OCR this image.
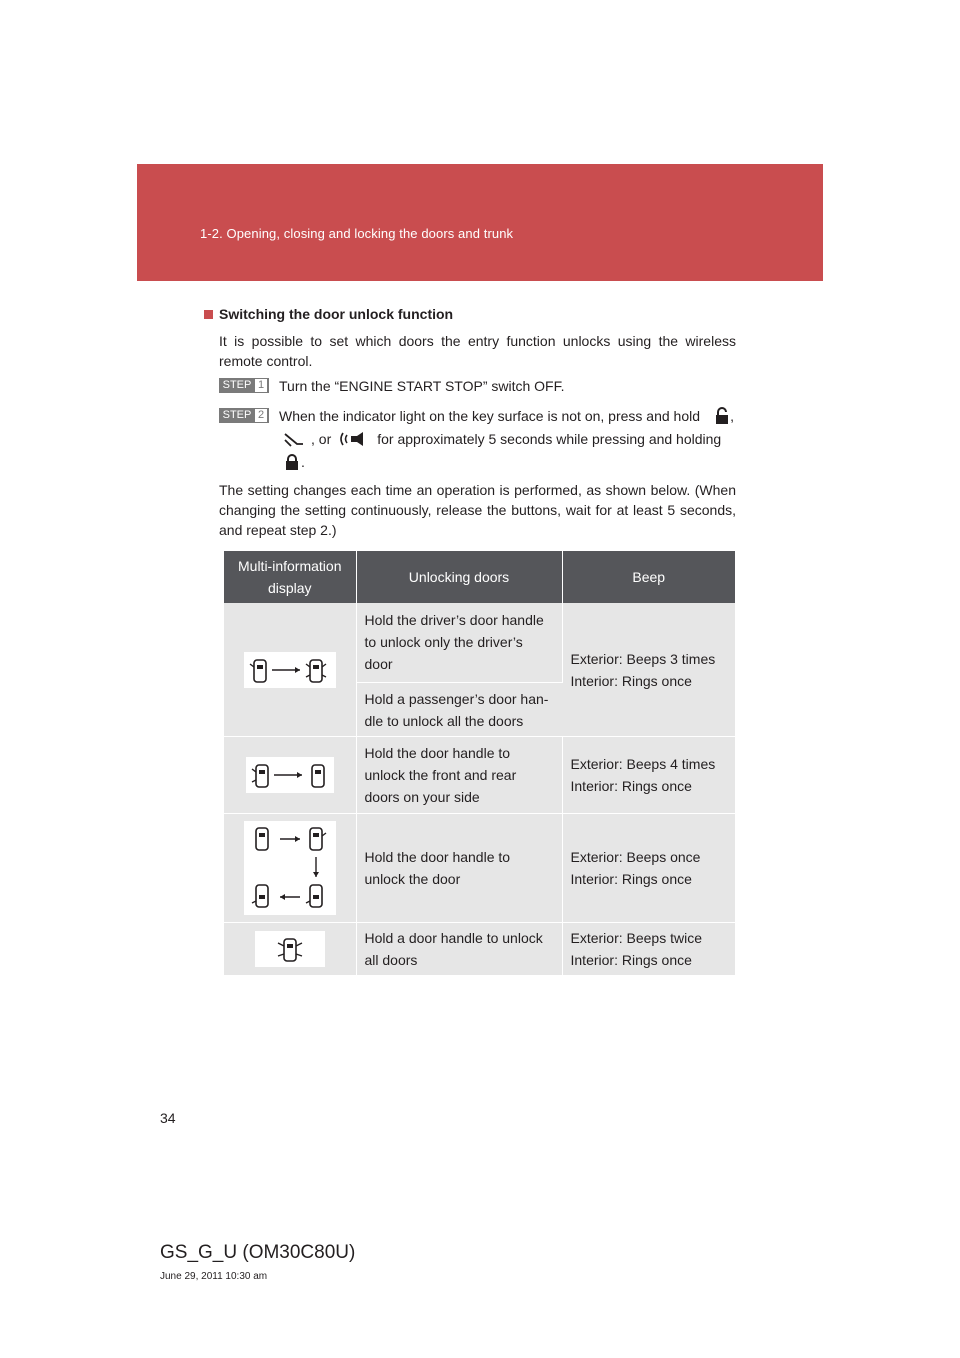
1-2. Opening, closing and locking the doors and trunk
Switching the door unlock function
It is possible to set which doors the entry function unlocks using the wireless remote control.
STEP 1 Turn the “ENGINE START STOP” switch OFF.
STEP 2 When the indicator light on the key surface is not on, press and hold ,
, or	for approximately 5 seconds while pressing and holding
.
The setting changes each time an operation is performed, as shown below. (When changing the setting continuously, release the buttons, wait for at least 5 seconds, and repeat step 2.)
Multi-information display	Unlocking doors	Beep

	Hold the driver’s door handle to unlock only the driver’s door	Exterior: Beeps 3 times
Interior: Rings once

	Hold a passenger’s door han-dle to unlock all the doors	

	Hold the door handle to unlock the front and rear doors on your side	Exterior: Beeps 4 times
Interior: Rings once

	Hold the door handle to unlock the door	Exterior: Beeps once
Interior: Rings once

	Hold a door handle to unlock all doors	Exterior: Beeps twice
Interior: Rings once
34
GS_G_U (OM30C80U)
June 29, 2011 10:30 am
